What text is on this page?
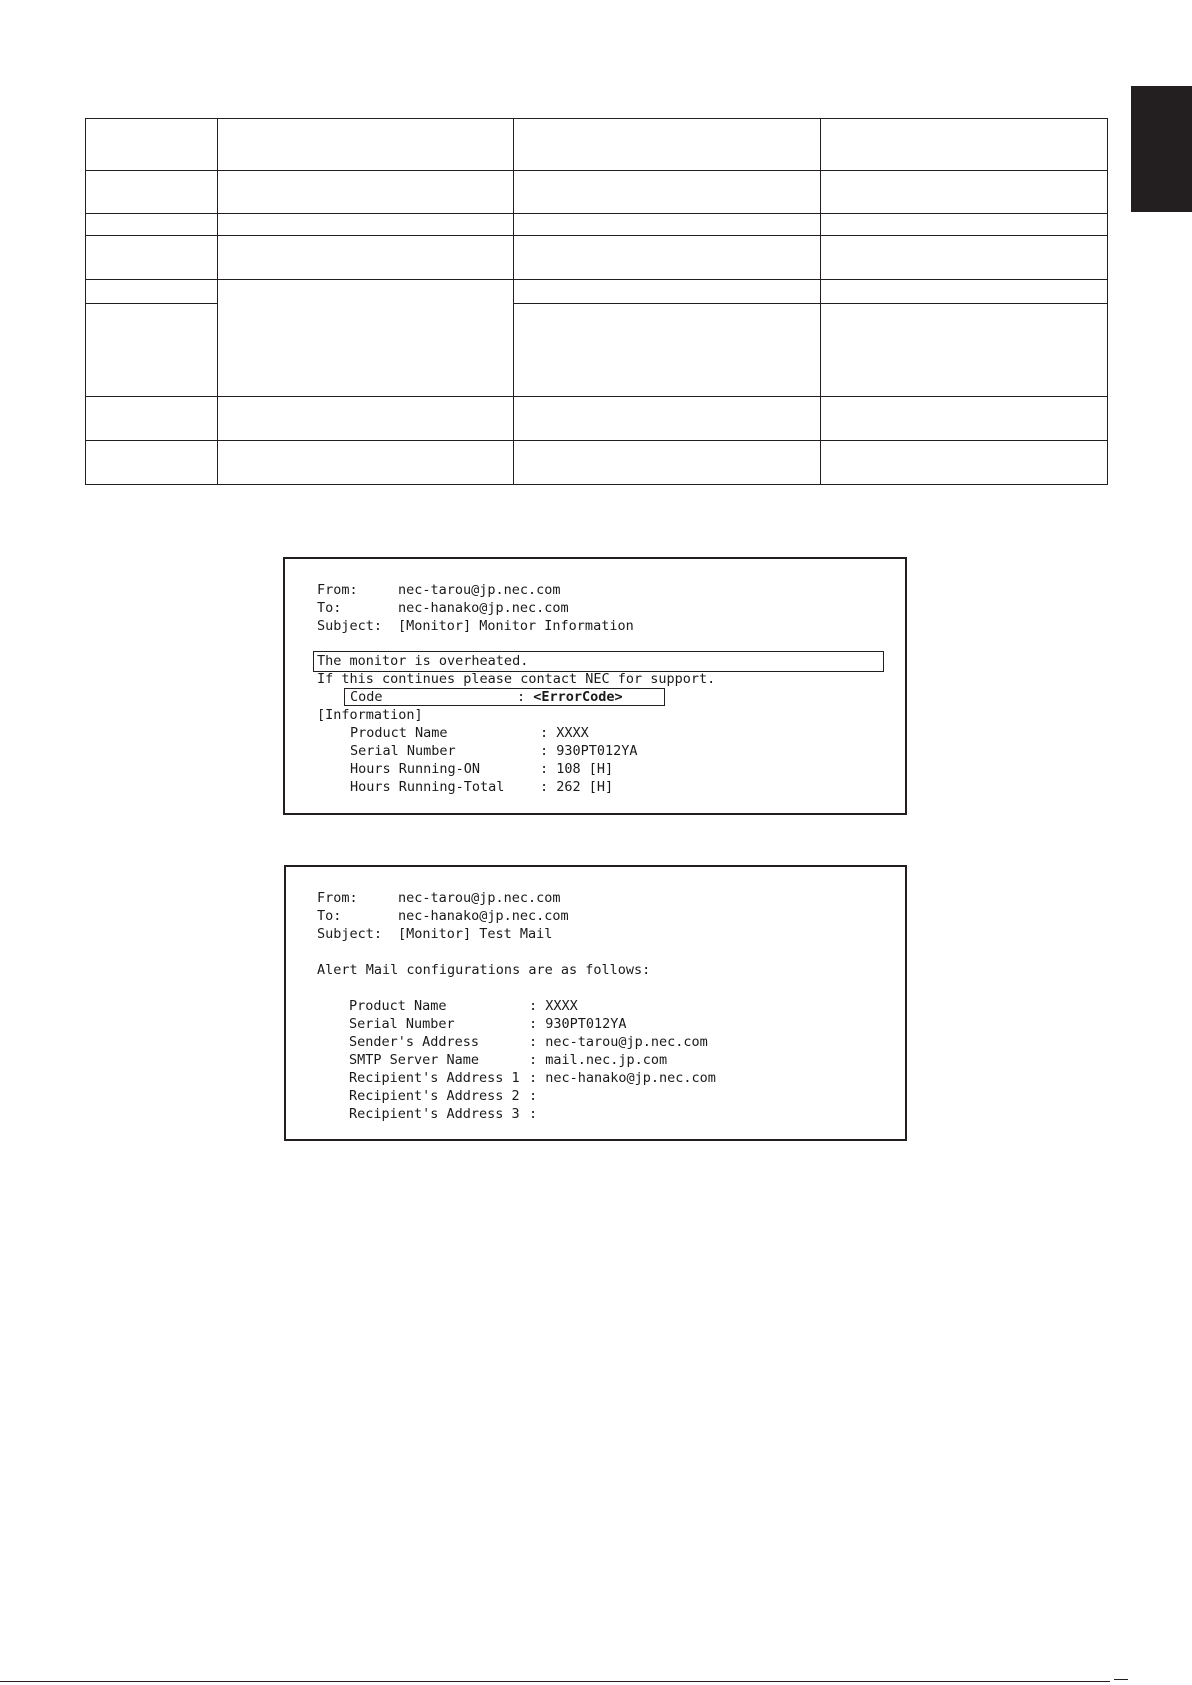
From:	nec-tarou@jp.nec.com
To:	nec-hanako@jp.nec.com
Subject: [Monitor] Monitor Information
The monitor is overheated.
If this continues please contact NEC for support.
Code	: <ErrorCode>
[Information]
Product Name	: XXXX
Serial Number	: 930PT012YA
Hours Running-ON	: 108 [H]
Hours Running-Total	: 262 [H]
From:	nec-tarou@jp.nec.com
To:	nec-hanako@jp.nec.com
Subject: [Monitor] Test Mail
Alert Mail configurations are as follows:
Product Name	: XXXX
Serial Number	: 930PT012YA
Sender's Address	: nec-tarou@jp.nec.com
SMTP Server Name	: mail.nec.jp.com
Recipient's Address 1 : nec-hanako@jp.nec.com
Recipient's Address 2 :
Recipient's Address 3 :
